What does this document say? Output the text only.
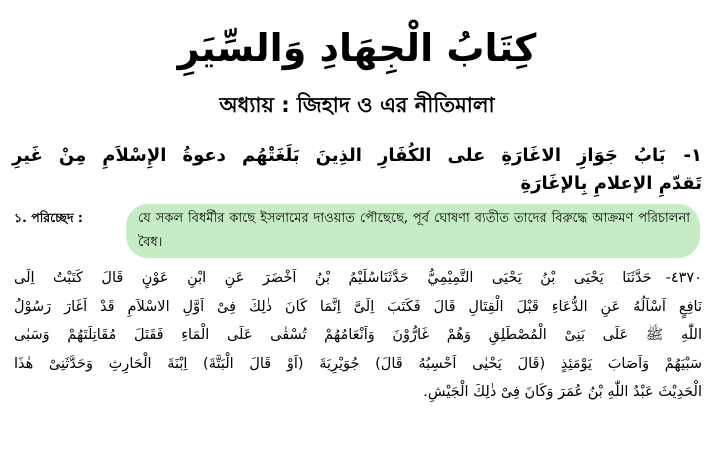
كِتَابُ الْجِهَادِ وَالسِّيَرِ
অধ্যায় : জিহাদ ও এর নীতিমালা
١-بَابُ جَوَازِ الاغَارَةِ على الكُفَارِ الذِينَ بَلَغَتْهُم دعوةُ الإِسْلاَمِ مِنْ غَيرِ
تَقدّمِ الإعلامِ بِالإغَارَةِ
১. পরিচ্ছেদ :	যে সকল বিধর্মীর কাছে ইসলামের দাওয়াত পৌছেছে, পূর্ব ঘোষণা ব্যতীত তাদের বিরুদ্ধে আক্রমণ পরিচালনা বৈধ।
٤٣٧٠-حَدَّثَنَا يَحْيَى بْنُ يَحْيَى التَّمِيْمِيُّ حَدَّثَنَاسُلَيْمُ بْنُ اَخْضَرَ عَنِ ابْنِ عَوْنٍ قَالَ كَتَبْتُ اِلَى
نَافِعٍ اَسْاَلُهُ عَنِ الدُّعَاءِ قَبْلَ الْقِتَالِ قَالَ فَكَتَبَ اِلَىَّ اِنَّمَا كَانَ ذٰلِكَ فِىْ اَوَّلِ الاسْلاَمِ قَدْ اَغَارَ رَسُوْلُ
اللّٰهِ ﷺ عَلَى بَنِىْ الْمُصْطَلِقِ وَهُمْ غَارُّوْنَ وَاَنْعَامُهُمْ تُسْقٰى عَلَى الْمَاءِ فَقَتَلَ مُقَاتِلَتَهُمْ وَسَبٰى
سَبْيَهُمْ وَاَصَابَ يَوْمَئِذٍ (قَالَ يَحْيٰى اَحْسِبُهُ قَالَ) جُوَيْرِيَةَ (اَوْ قَالَ الْبَتَّةَ) اِبْنَةَ الْحَارِثِ وَحَدَّثَنِىْ هٰذَا
الْحَدِيْثَ عَبْدُ اللّٰهِ بْنُ عُمَرَ وَكَانَ فِىْ ذٰلِكَ الْجَيْشِ.
